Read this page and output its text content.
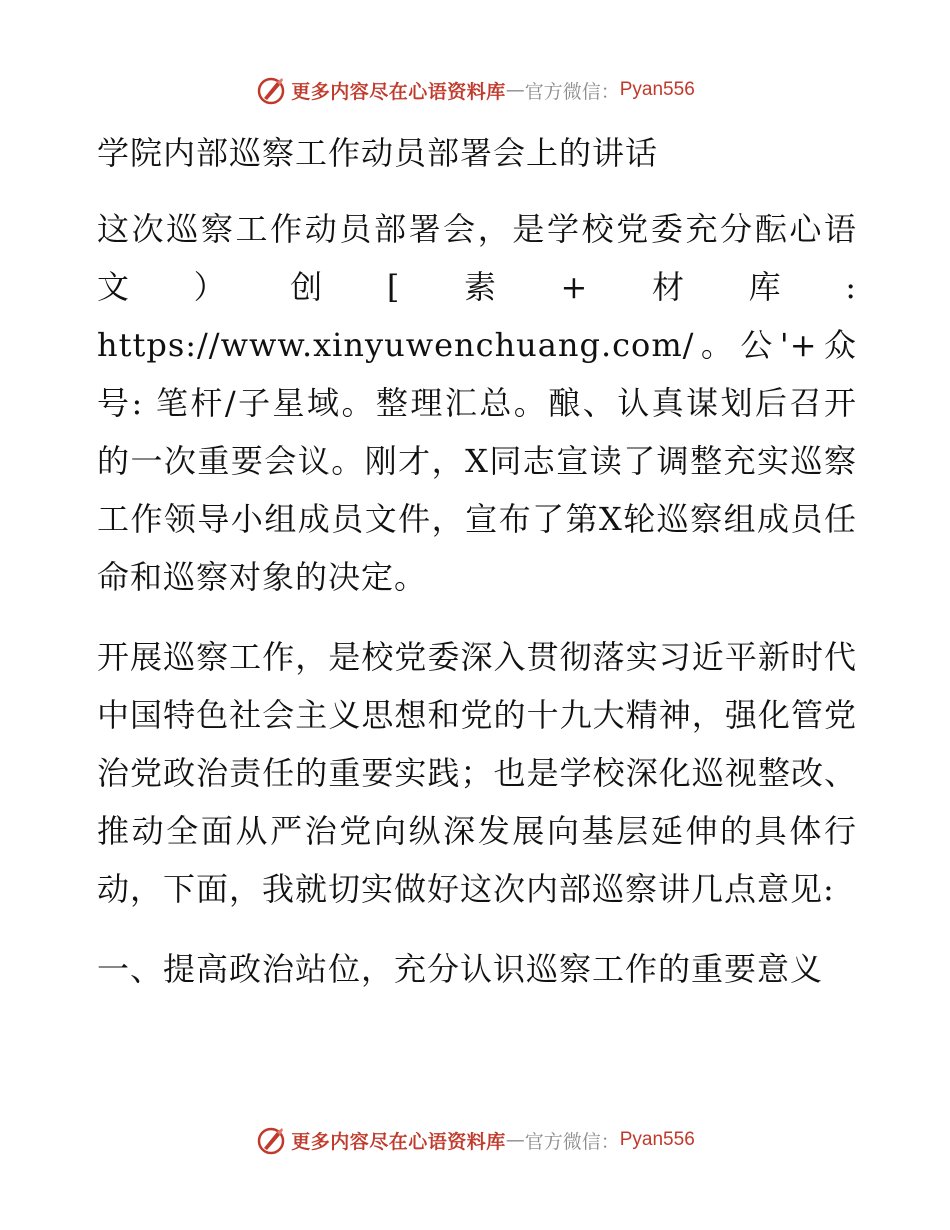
更多内容尽在心语资料库 — 官方微信： Pyan556

学院内部巡察工作动员部署会上的讲话

这次巡察工作动员部署会，是学校党委充分酝心语文）创[素+材库: https://www.xinyuwenchuang.com/。公'+众号: 笔杆/子星域。整理汇总。酿、认真谋划后召开的一次重要会议。刚才，X同志宣读了调整充实巡察工作领导小组成员文件，宣布了第X轮巡察组成员任命和巡察对象的决定。

开展巡察工作，是校党委深入贯彻落实习近平新时代中国特色社会主义思想和党的十九大精神，强化管党治党政治责任的重要实践；也是学校深化巡视整改、推动全面从严治党向纵深发展向基层延伸的具体行动，下面，我就切实做好这次内部巡察讲几点意见:

一、提高政治站位，充分认识巡察工作的重要意义

更多内容尽在心语资料库 — 官方微信： Pyan556
